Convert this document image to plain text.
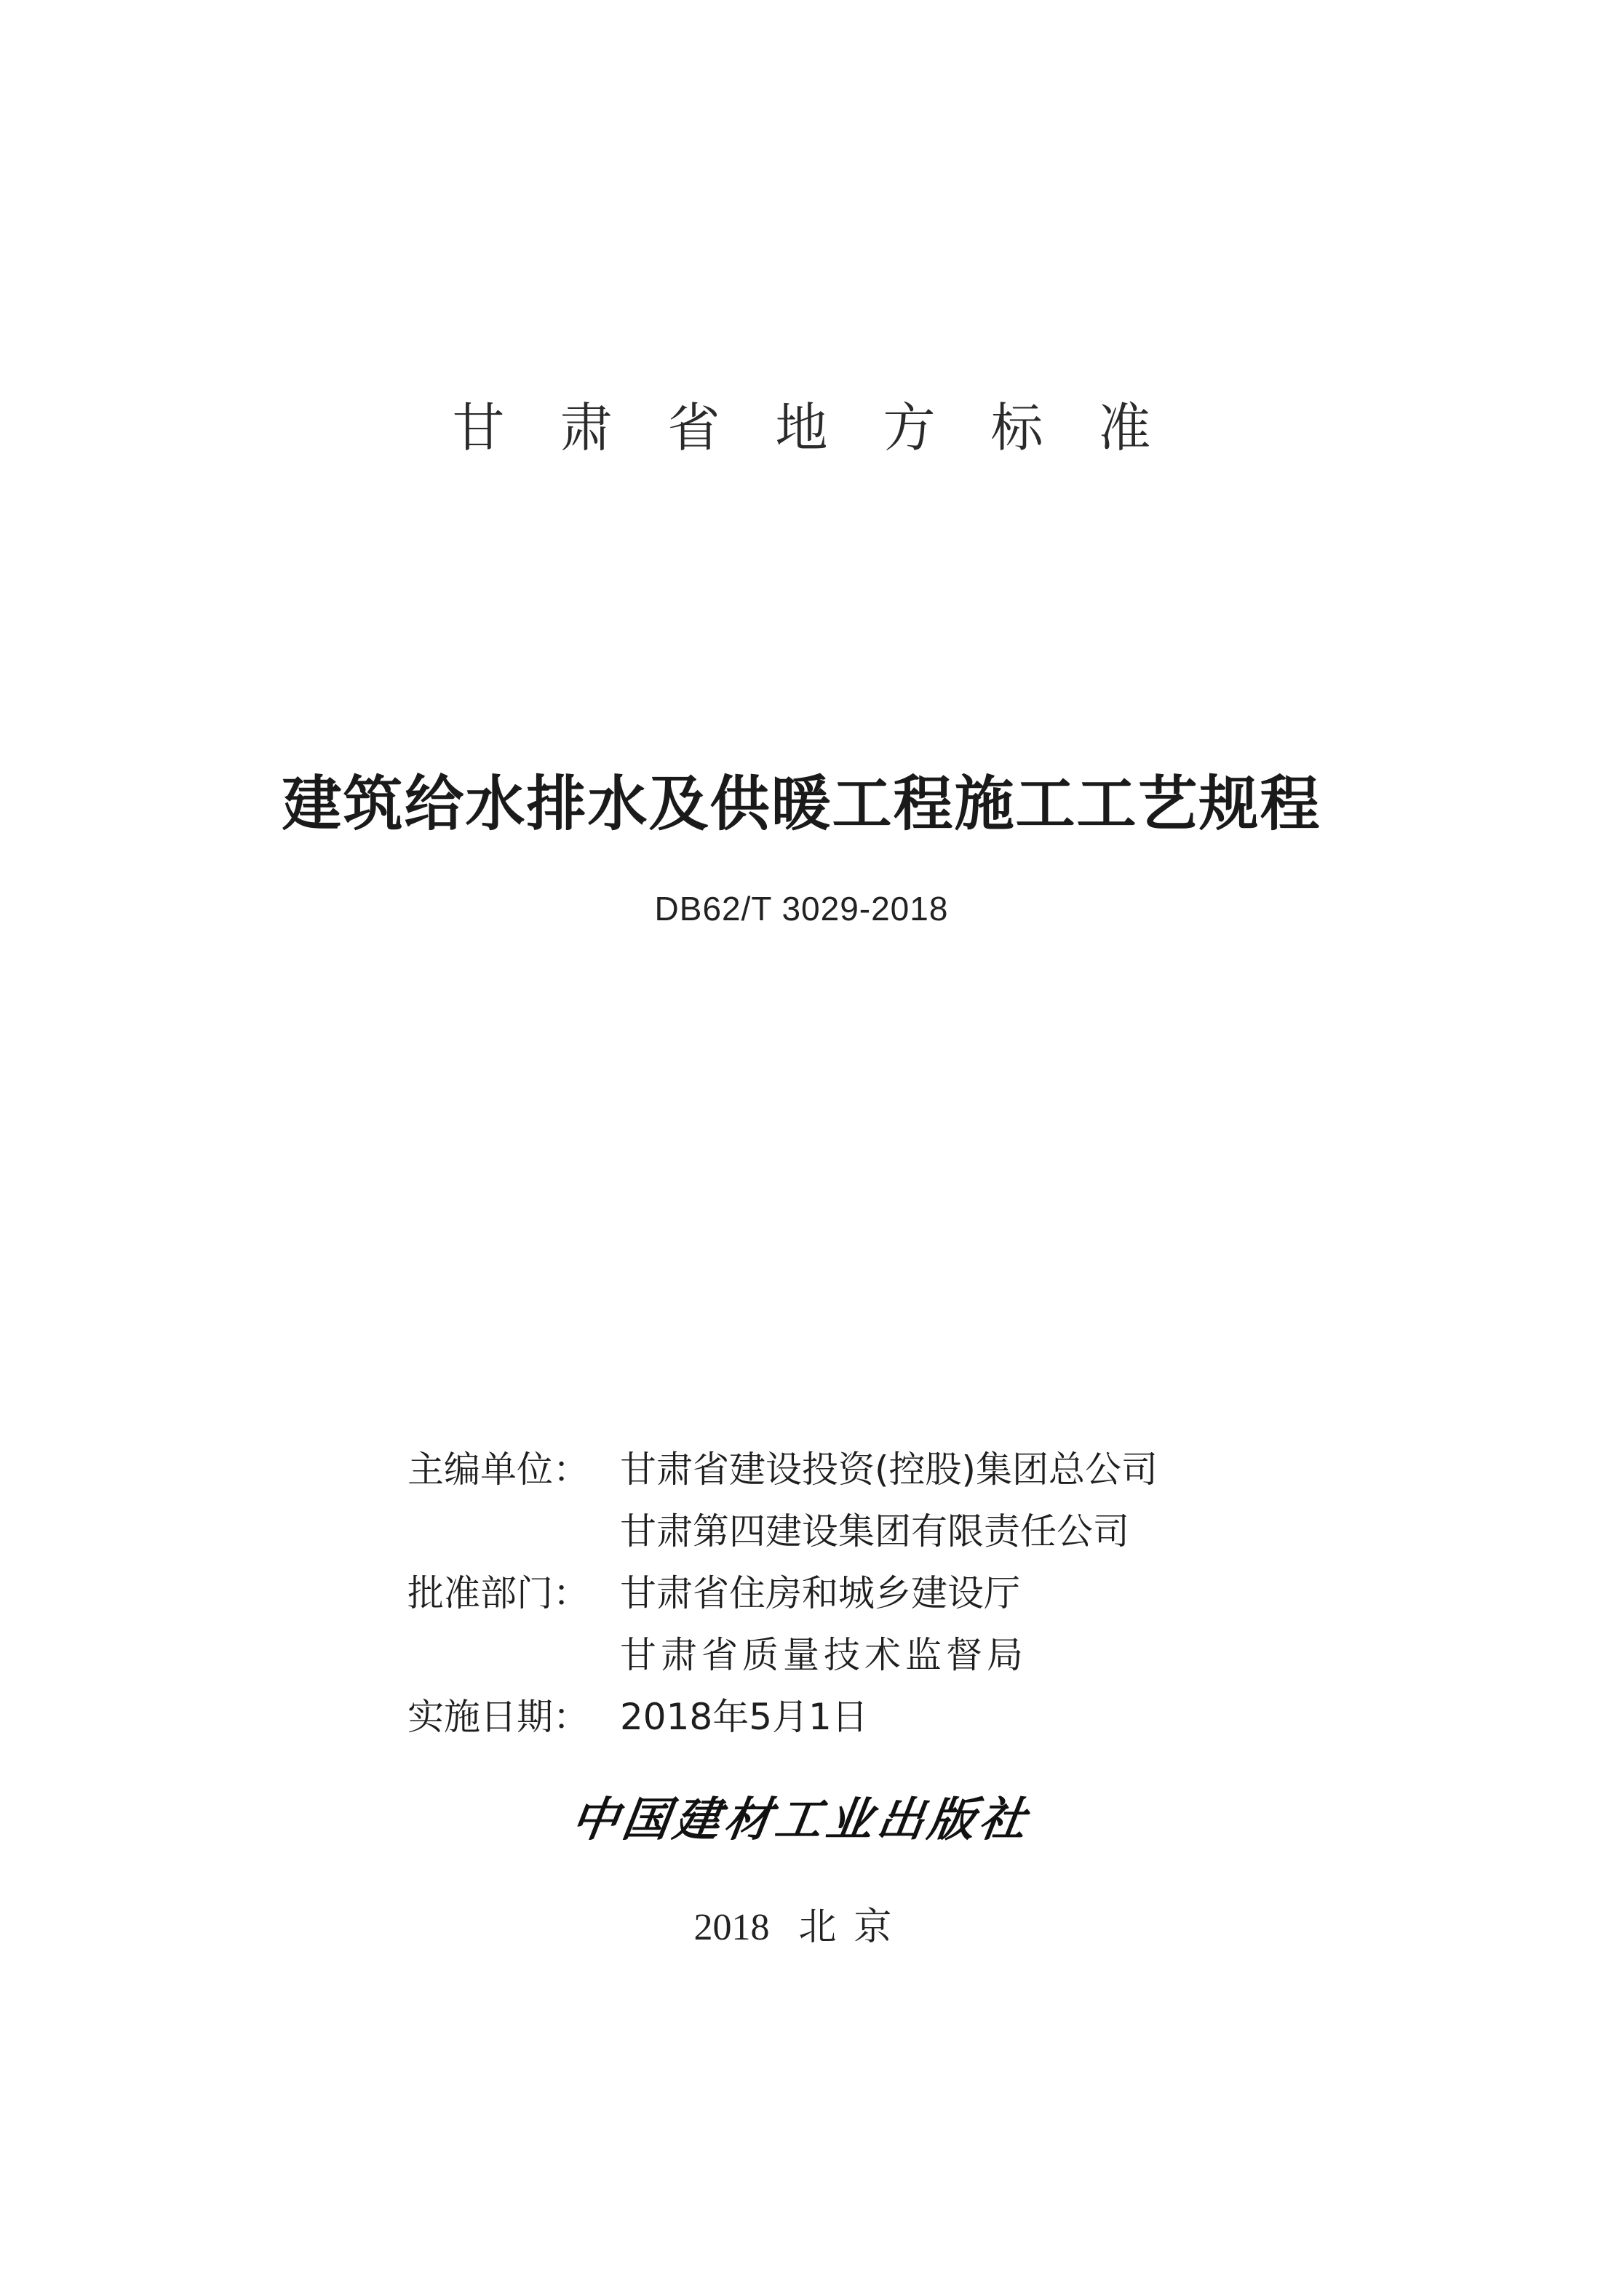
甘肃省地方标准
建筑给水排水及供暖工程施工工艺规程
DB62/T 3029-2018
主编单位： 甘肃省建设投资(控股)集团总公司
甘肃第四建设集团有限责任公司
批准部门： 甘肃省住房和城乡建设厅
甘肃省质量技术监督局
实施日期： 2018年5月1日
中国建材工业出版社
2018 北京
